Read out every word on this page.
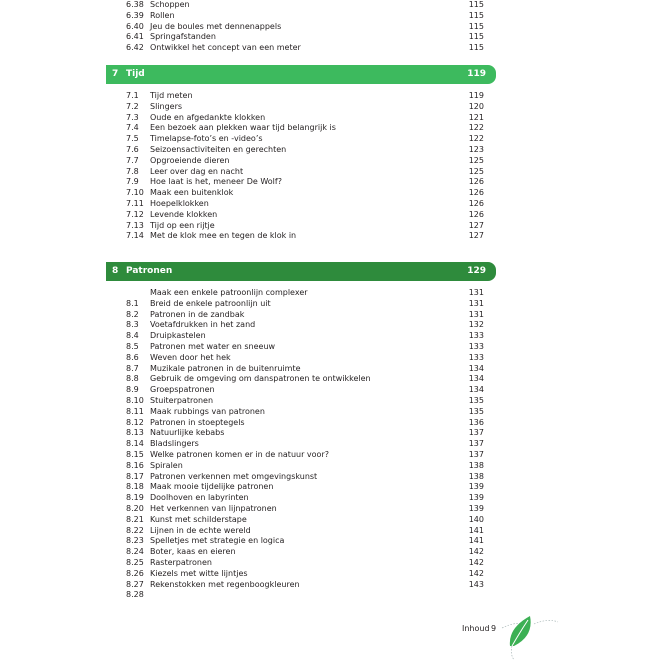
6.38 Schoppen	115
6.39 Rollen	115
6.40 Jeu de boules met dennenappels	115
6.41 Springafstanden	115
6.42 Ontwikkel het concept van een meter	115
7 Tijd	119
7.1 Tijd meten	119
7.2 Slingers	120
7.3 Oude en afgedankte klokken	121
7.4 Een bezoek aan plekken waar tijd belangrijk is	122
7.5 Timelapse-foto’s en -video’s	122
7.6 Seizoensactiviteiten en gerechten	123
7.7 Opgroeiende dieren	125
7.8 Leer over dag en nacht	125
7.9 Hoe laat is het, meneer De Wolf?	126
7.10 Maak een buitenklok	126
7.11 Hoepelklokken	126
7.12 Levende klokken	126
7.13 Tijd op een rijtje	127
7.14 Met de klok mee en tegen de klok in	127
8 Patronen	129
Maak een enkele patroonlijn complexer	131
8.1 Breid de enkele patroonlijn uit	131
8.2 Patronen in de zandbak	131
8.3 Voetafdrukken in het zand	132
8.4 Druipkastelen	133
8.5 Patronen met water en sneeuw	133
8.6 Weven door het hek	133
8.7 Muzikale patronen in de buitenruimte	134
8.8 Gebruik de omgeving om danspatronen te ontwikkelen	134
8.9 Groepspatronen	134
8.10 Stuiterpatronen	135
8.11 Maak rubbings van patronen	135
8.12 Patronen in stoeptegels	136
8.13 Natuurlijke kebabs	137
8.14 Bladslingers	137
8.15 Welke patronen komen er in de natuur voor?	137
8.16 Spiralen	138
8.17 Patronen verkennen met omgevingskunst	138
8.18 Maak mooie tijdelijke patronen	139
8.19 Doolhoven en labyrinten	139
8.20 Het verkennen van lijnpatronen	139
8.21 Kunst met schilderstape	140
8.22 Lijnen in de echte wereld	141
8.23 Spelletjes met strategie en logica	141
8.24 Boter, kaas en eieren	142
8.25 Rasterpatronen	142
8.26 Kiezels met witte lijntjes	142
8.27 Rekenstokken met regenboogkleuren	143
8.28
Inhoud 9
